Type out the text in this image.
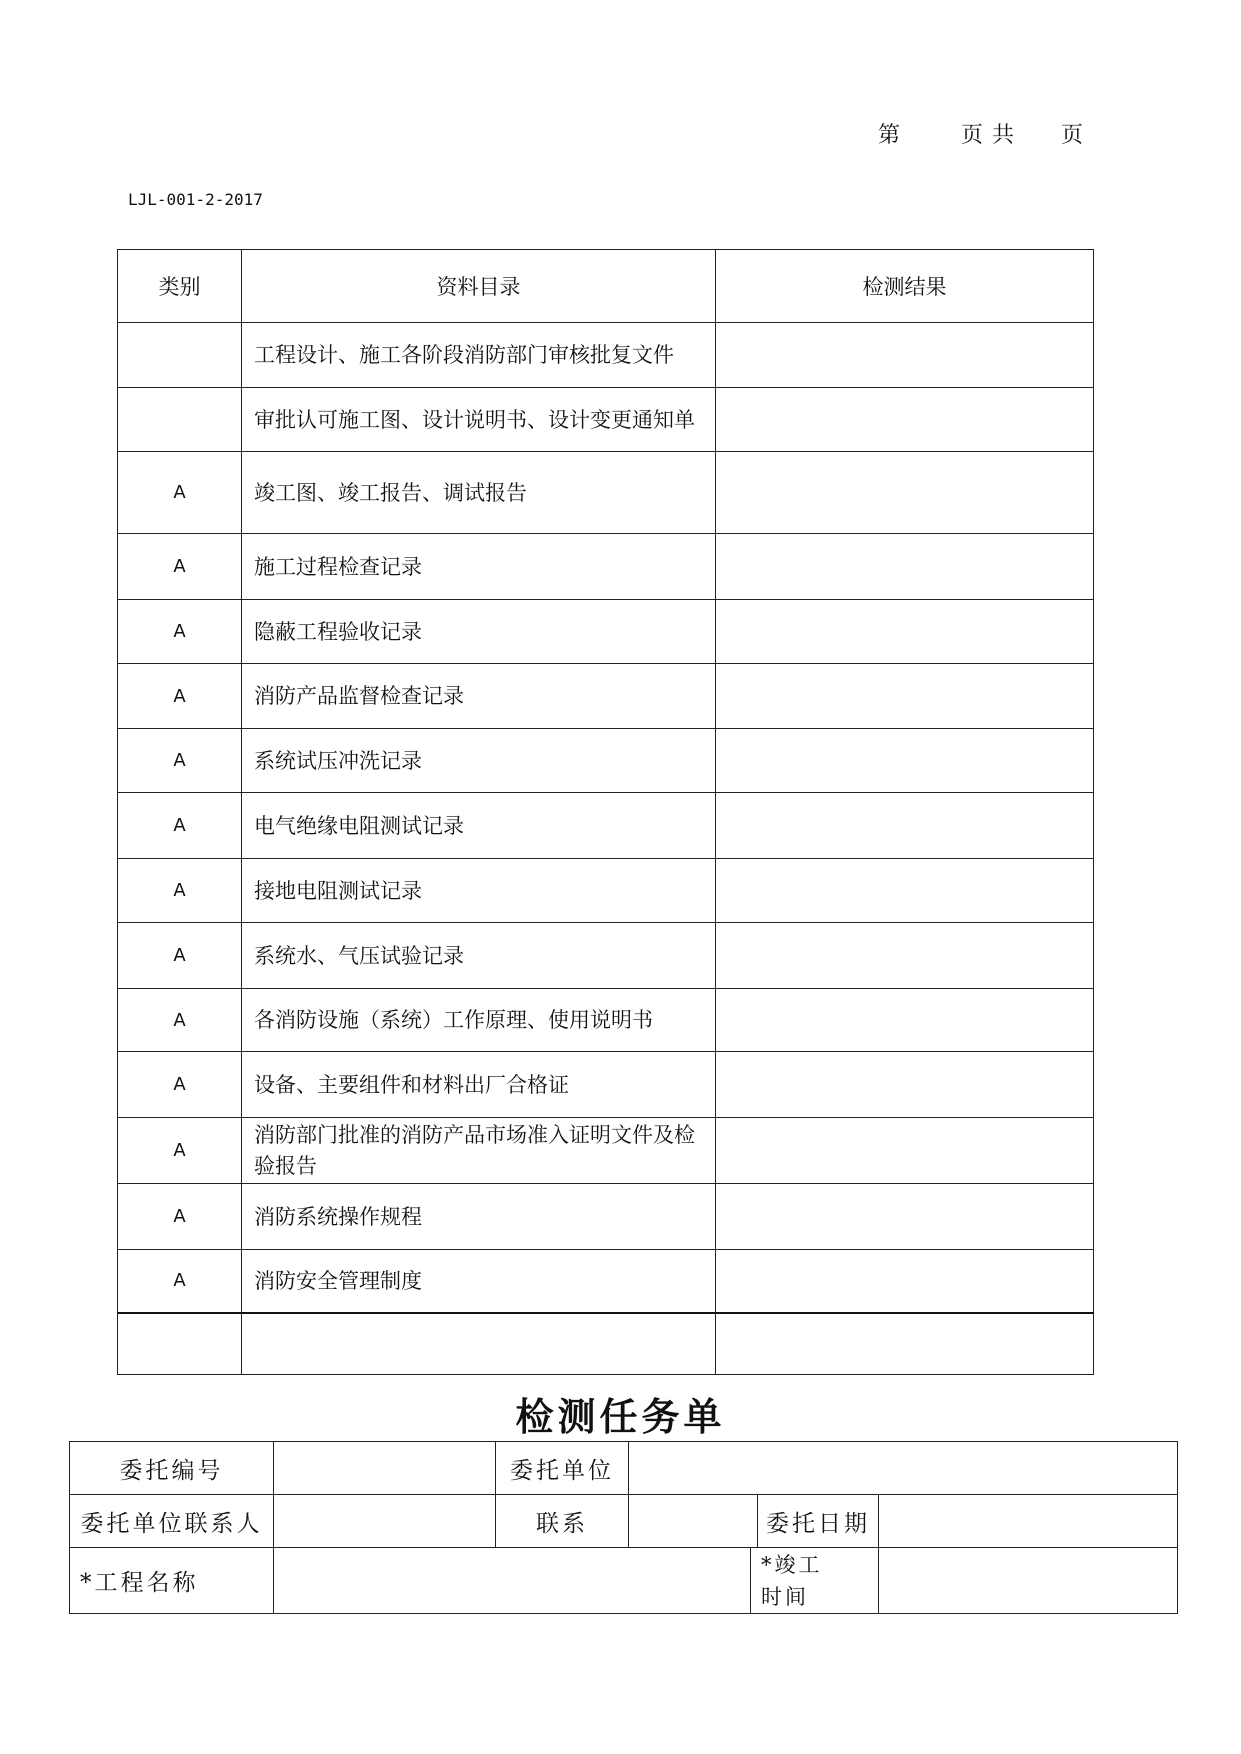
第	页 共 页
LJL-001-2-2017
类别	资料目录	检测结果
	工程设计、施工各阶段消防部门审核批复文件	
	审批认可施工图、设计说明书、设计变更通知单	
A	竣工图、竣工报告、调试报告	
A	施工过程检查记录	
A	隐蔽工程验收记录	
A	消防产品监督检查记录	
A	系统试压冲洗记录	
A	电气绝缘电阻测试记录	
A	接地电阻测试记录	
A	系统水、气压试验记录	
A	各消防设施（系统）工作原理、使用说明书	
A	设备、主要组件和材料出厂合格证	
A	消防部门批准的消防产品市场准入证明文件及检验报告	
A	消防系统操作规程	
A	消防安全管理制度	

检测任务单
委托编号		委托单位				
委托单位联系人		联系			委托日期	
*工程名称				*竣工
时间		
